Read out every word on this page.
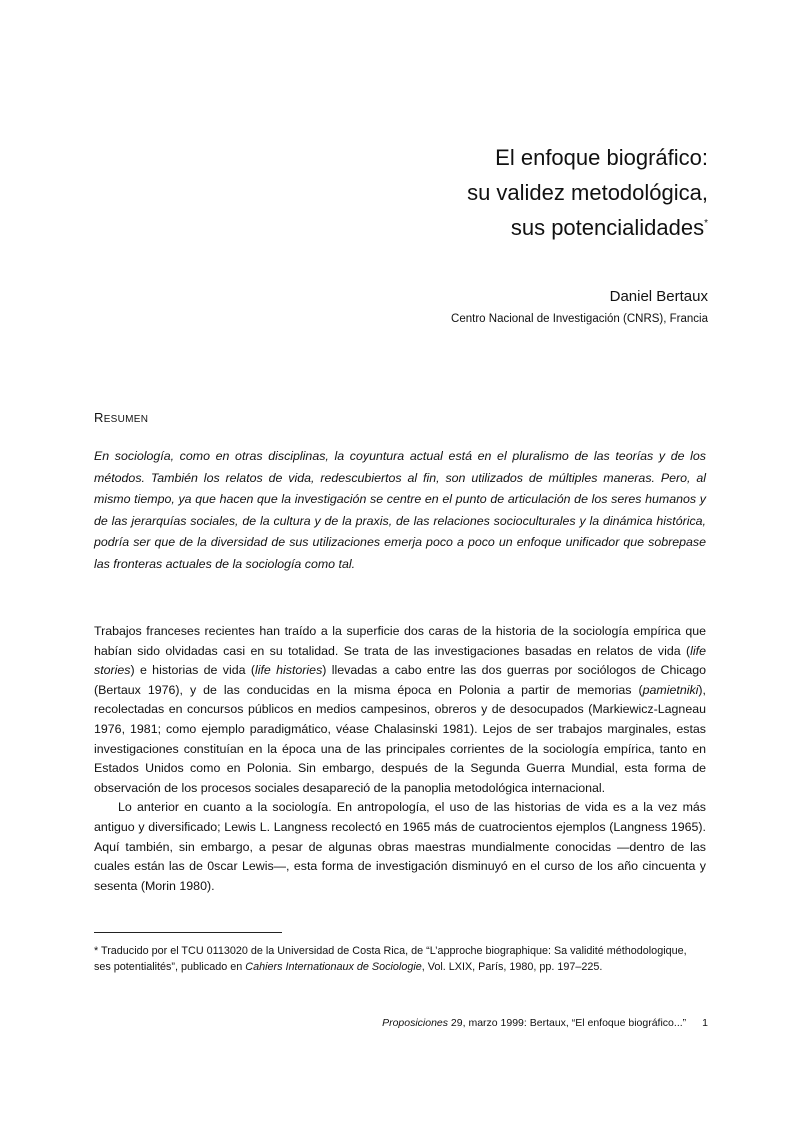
El enfoque biográfico:
su validez metodológica,
sus potencialidades*
Daniel Bertaux
Centro Nacional de Investigación (CNRS), Francia
RESUMEN
En sociología, como en otras disciplinas, la coyuntura actual está en el pluralismo de las teorías y de los métodos. También los relatos de vida, redescubiertos al fin, son utilizados de múltiples maneras. Pero, al mismo tiempo, ya que hacen que la investigación se centre en el punto de articulación de los seres humanos y de las jerarquías sociales, de la cultura y de la praxis, de las relaciones socioculturales y la dinámica histórica, podría ser que de la diversidad de sus utilizaciones emerja poco a poco un enfoque unificador que sobrepase las fronteras actuales de la sociología como tal.

Trabajos franceses recientes han traído a la superficie dos caras de la historia de la sociología empírica que habían sido olvidadas casi en su totalidad. Se trata de las investigaciones basadas en relatos de vida (life stories) e historias de vida (life histories) llevadas a cabo entre las dos guerras por sociólogos de Chicago (Bertaux 1976), y de las conducidas en la misma época en Polonia a partir de memorias (pamietniki), recolectadas en concursos públicos en medios campesinos, obreros y de desocupados (Markiewicz-Lagneau 1976, 1981; como ejemplo paradigmático, véase Chalasinski 1981). Lejos de ser trabajos marginales, estas investigaciones constituían en la época una de las principales corrientes de la sociología empírica, tanto en Estados Unidos como en Polonia. Sin embargo, después de la Segunda Guerra Mundial, esta forma de observación de los procesos sociales desapareció de la panoplia metodológica internacional.

Lo anterior en cuanto a la sociología. En antropología, el uso de las historias de vida es a la vez más antiguo y diversificado; Lewis L. Langness recolectó en 1965 más de cuatrocientos ejemplos (Langness 1965). Aquí también, sin embargo, a pesar de algunas obras maestras mundialmente conocidas —dentro de las cuales están las de 0scar Lewis—, esta forma de investigación disminuyó en el curso de los año cincuenta y sesenta (Morin 1980).

* Traducido por el TCU 0113020 de la Universidad de Costa Rica, de “L’approche biographique: Sa validité méthodologique, ses potentialités”, publicado en Cahiers Internationaux de Sociologie, Vol. LXIX, París, 1980, pp. 197–225.
Proposiciones 29, marzo 1999: Bertaux, “El enfoque biográfico...” 1
